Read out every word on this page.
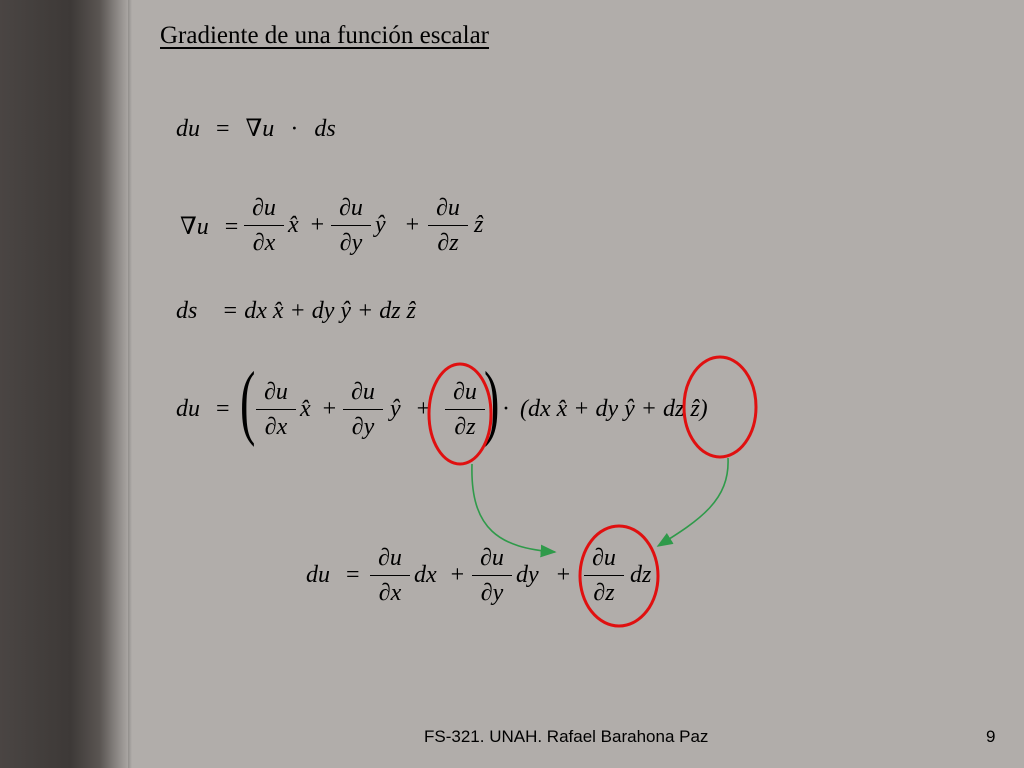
Gradiente de una función escalar
du = ∇u · ds⃗
∇u =
∂u
∂x
x̂ +
∂u
∂y
ŷ +
∂u
∂z
ẑ
ds⃗ = dx x̂ + dy ŷ + dz ẑ
du = ( ∂u
∂x
x̂ +
∂u
∂y
ŷ +
∂u
∂z ) · (dx x̂ + dy ŷ + dz ẑ)
du =
∂u
∂x
dx +
∂u
∂y
dy +
∂u
∂z
dz
FS-321. UNAH. Rafael Barahona Paz	9
